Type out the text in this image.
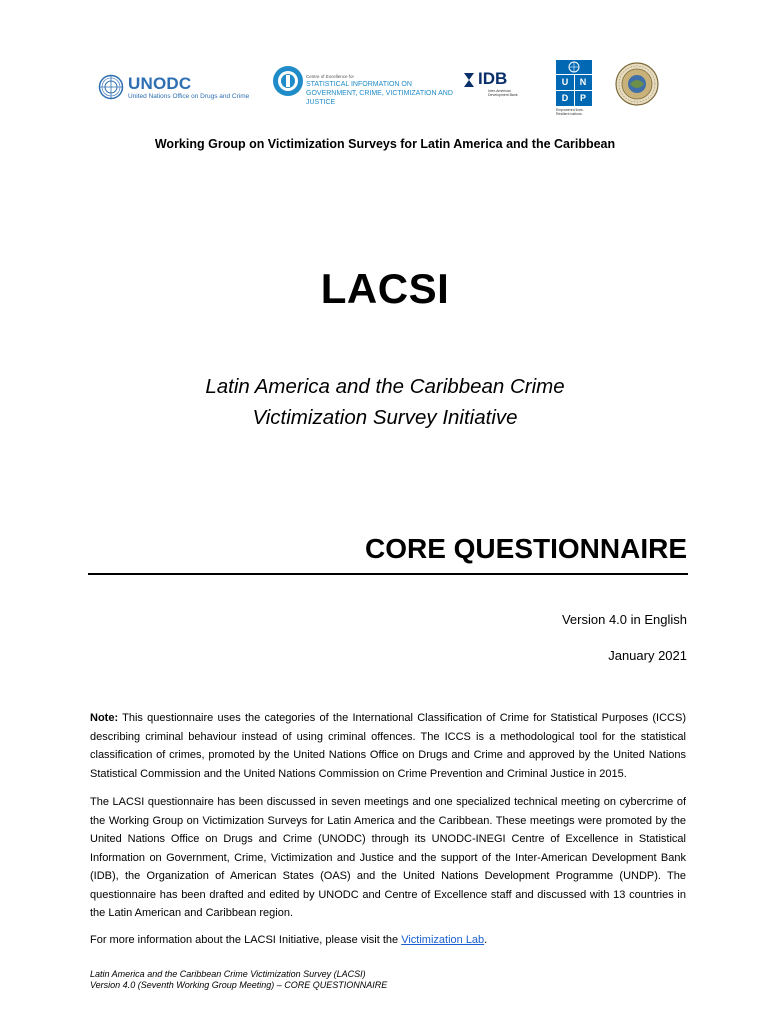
UNODC
United Nations Office on Drugs and Crime
Centre of Excellence for
STATISTICAL INFORMATION ON GOVERNMENT, CRIME, VICTIMIZATION AND JUSTICE
IDB
Inter-American Development Bank
U	N
D	P
Empowered lives. Resilient nations.
Working Group on Victimization Surveys for Latin America and the Caribbean
LACSI
Latin America and the Caribbean Crime
Victimization Survey Initiative
CORE QUESTIONNAIRE
Version 4.0 in English
January 2021
Note: This questionnaire uses the categories of the International Classification of Crime for Statistical Purposes (ICCS) describing criminal behaviour instead of using criminal offences. The ICCS is a methodological tool for the statistical classification of crimes, promoted by the United Nations Office on Drugs and Crime and approved by the United Nations Statistical Commission and the United Nations Commission on Crime Prevention and Criminal Justice in 2015.
The LACSI questionnaire has been discussed in seven meetings and one specialized technical meeting on cybercrime of the Working Group on Victimization Surveys for Latin America and the Caribbean. These meetings were promoted by the United Nations Office on Drugs and Crime (UNODC) through its UNODC-INEGI Centre of Excellence in Statistical Information on Government, Crime, Victimization and Justice and the support of the Inter-American Development Bank (IDB), the Organization of American States (OAS) and the United Nations Development Programme (UNDP). The questionnaire has been drafted and edited by UNODC and Centre of Excellence staff and discussed with 13 countries in the Latin American and Caribbean region.
For more information about the LACSI Initiative, please visit the Victimization Lab.
Latin America and the Caribbean Crime Victimization Survey (LACSI)
Version 4.0 (Seventh Working Group Meeting) – CORE QUESTIONNAIRE
